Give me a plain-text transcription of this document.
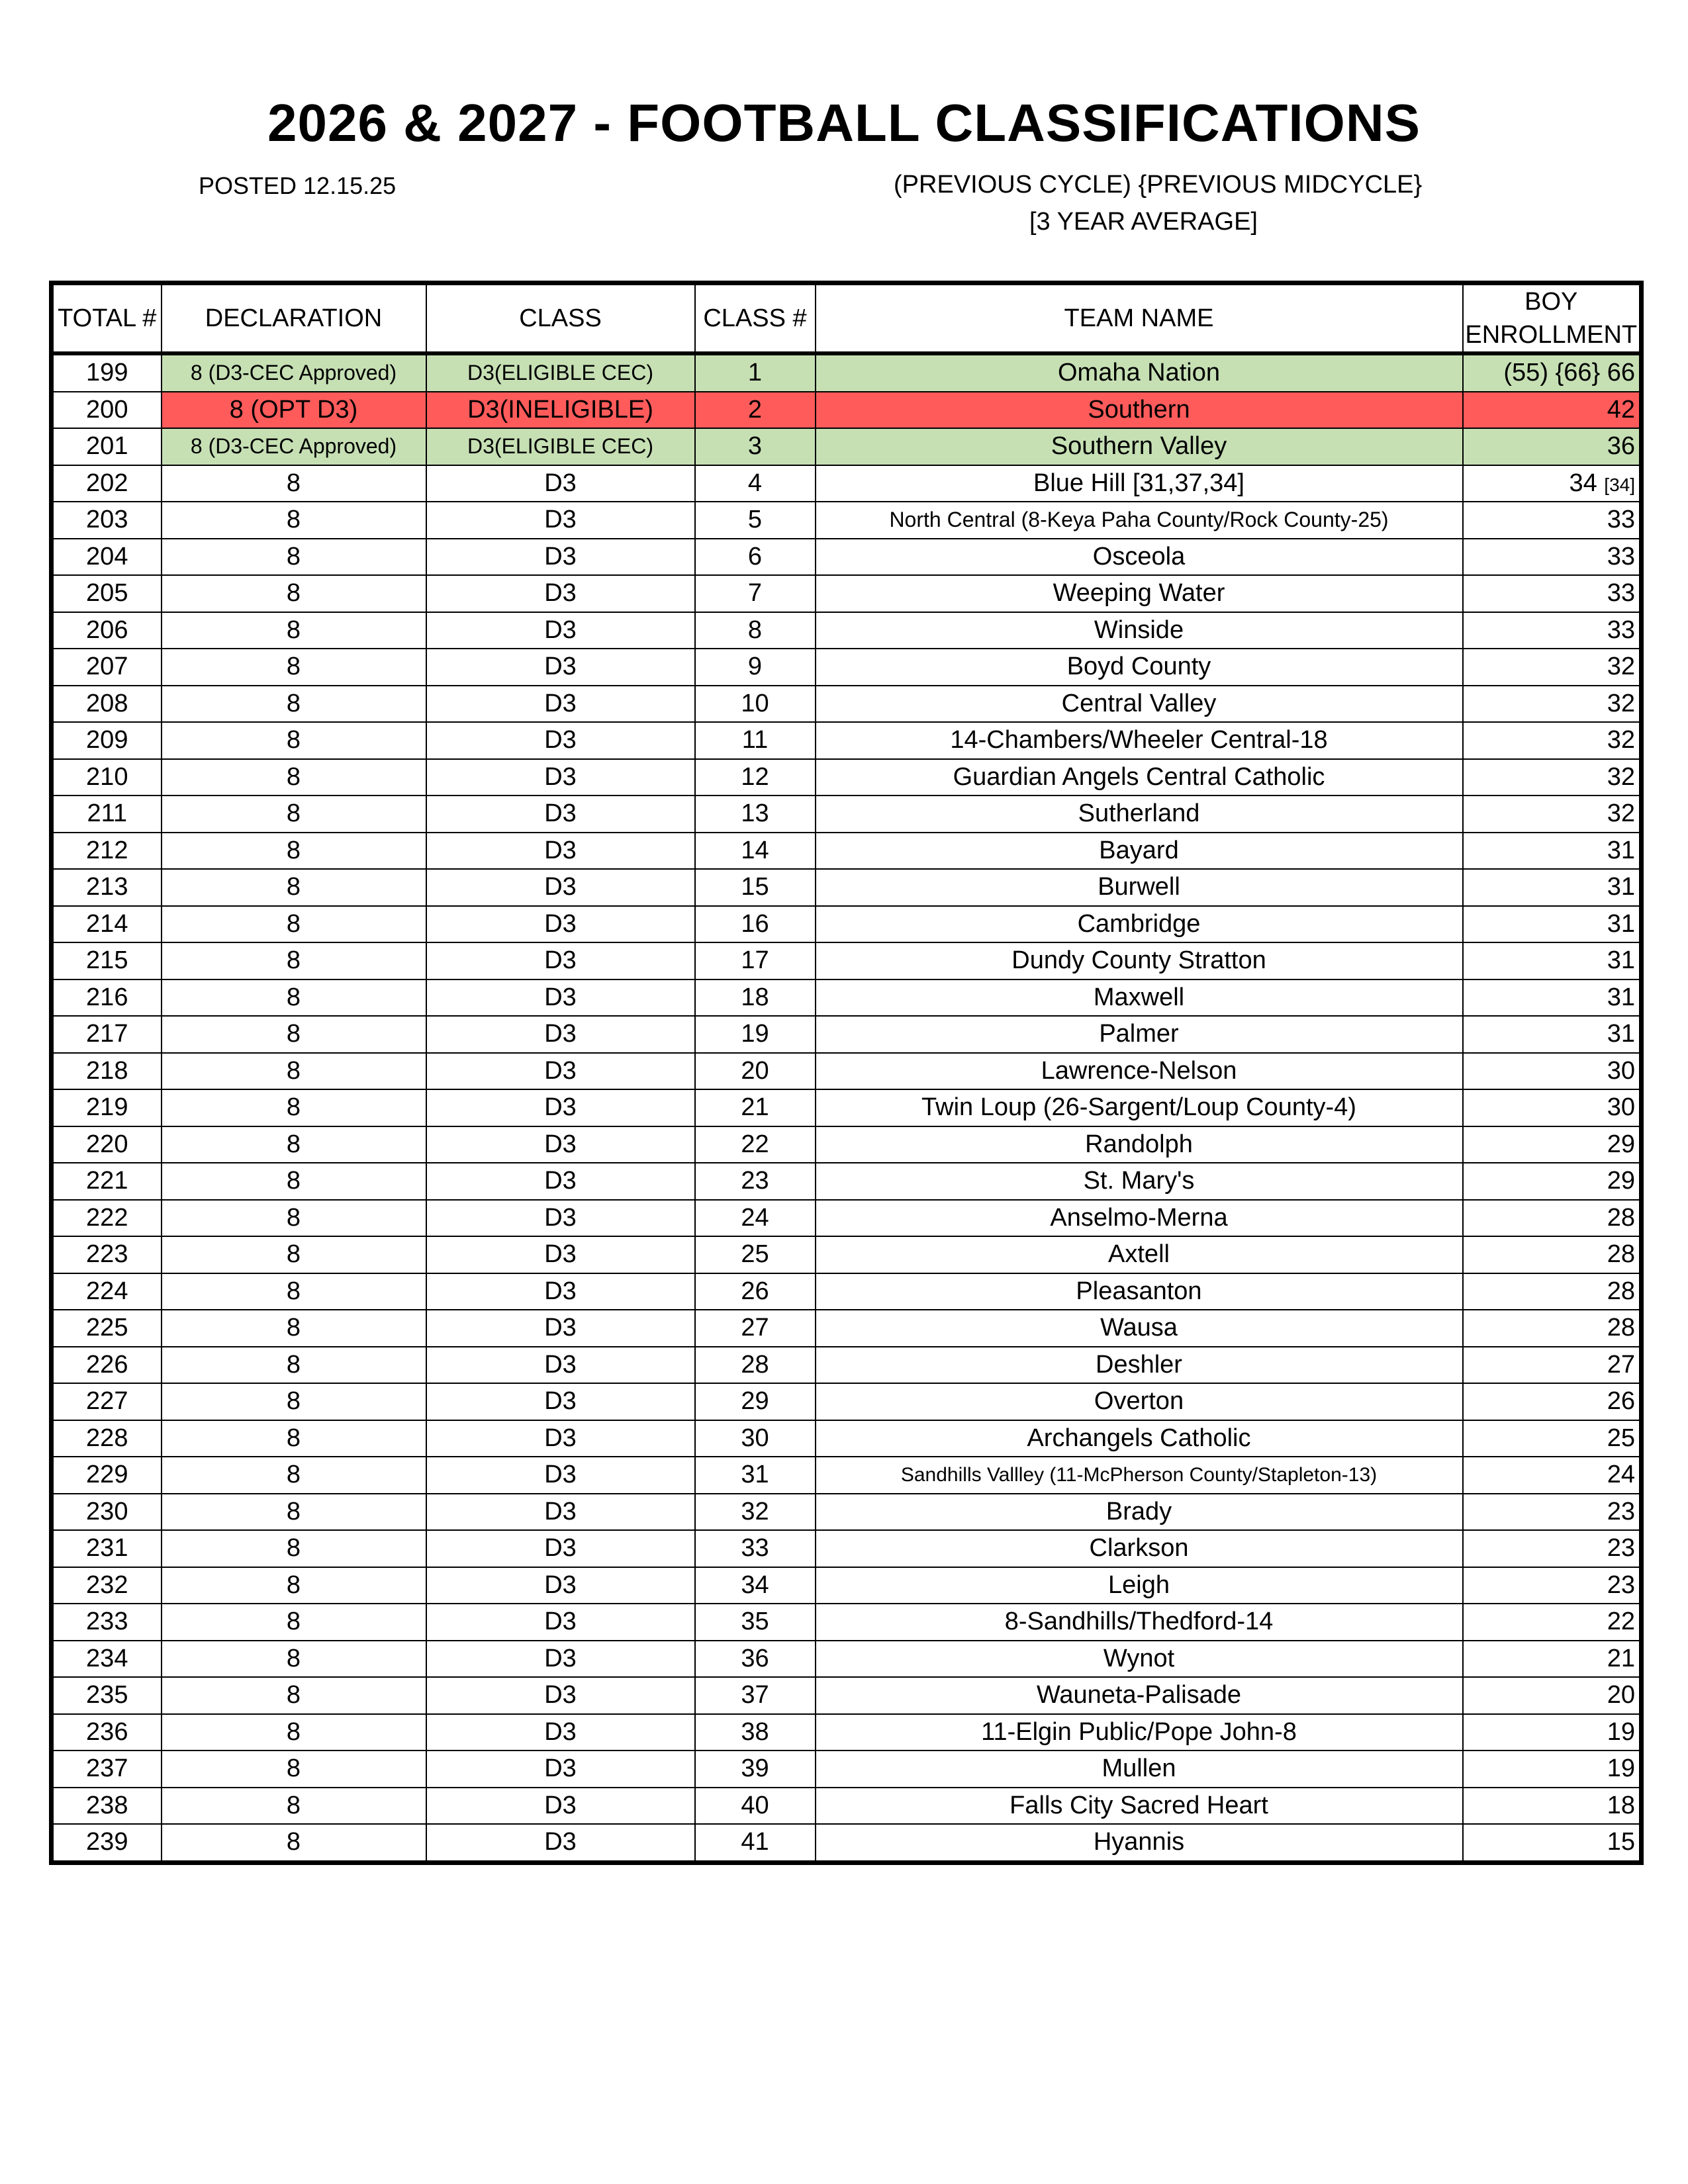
2026 & 2027 - FOOTBALL CLASSIFICATIONS
POSTED 12.15.25	(PREVIOUS CYCLE) {PREVIOUS MIDCYCLE}
[3 YEAR AVERAGE]
TOTAL #	DECLARATION	CLASS	CLASS #	TEAM NAME	BOY ENROLLMENT
199	8 (D3-CEC Approved)	D3(ELIGIBLE CEC)	1	Omaha Nation	(55) {66} 66
200	8 (OPT D3)	D3(INELIGIBLE)	2	Southern	42
201	8 (D3-CEC Approved)	D3(ELIGIBLE CEC)	3	Southern Valley	36
202	8	D3	4	Blue Hill [31,37,34]	34 [34]
203	8	D3	5	North Central (8-Keya Paha County/Rock County-25)	33
204	8	D3	6	Osceola	33
205	8	D3	7	Weeping Water	33
206	8	D3	8	Winside	33
207	8	D3	9	Boyd County	32
208	8	D3	10	Central Valley	32
209	8	D3	11	14-Chambers/Wheeler Central-18	32
210	8	D3	12	Guardian Angels Central Catholic	32
211	8	D3	13	Sutherland	32
212	8	D3	14	Bayard	31
213	8	D3	15	Burwell	31
214	8	D3	16	Cambridge	31
215	8	D3	17	Dundy County Stratton	31
216	8	D3	18	Maxwell	31
217	8	D3	19	Palmer	31
218	8	D3	20	Lawrence-Nelson	30
219	8	D3	21	Twin Loup (26-Sargent/Loup County-4)	30
220	8	D3	22	Randolph	29
221	8	D3	23	St. Mary's	29
222	8	D3	24	Anselmo-Merna	28
223	8	D3	25	Axtell	28
224	8	D3	26	Pleasanton	28
225	8	D3	27	Wausa	28
226	8	D3	28	Deshler	27
227	8	D3	29	Overton	26
228	8	D3	30	Archangels Catholic	25
229	8	D3	31	Sandhills Vallley (11-McPherson County/Stapleton-13)	24
230	8	D3	32	Brady	23
231	8	D3	33	Clarkson	23
232	8	D3	34	Leigh	23
233	8	D3	35	8-Sandhills/Thedford-14	22
234	8	D3	36	Wynot	21
235	8	D3	37	Wauneta-Palisade	20
236	8	D3	38	11-Elgin Public/Pope John-8	19
237	8	D3	39	Mullen	19
238	8	D3	40	Falls City Sacred Heart	18
239	8	D3	41	Hyannis	15
